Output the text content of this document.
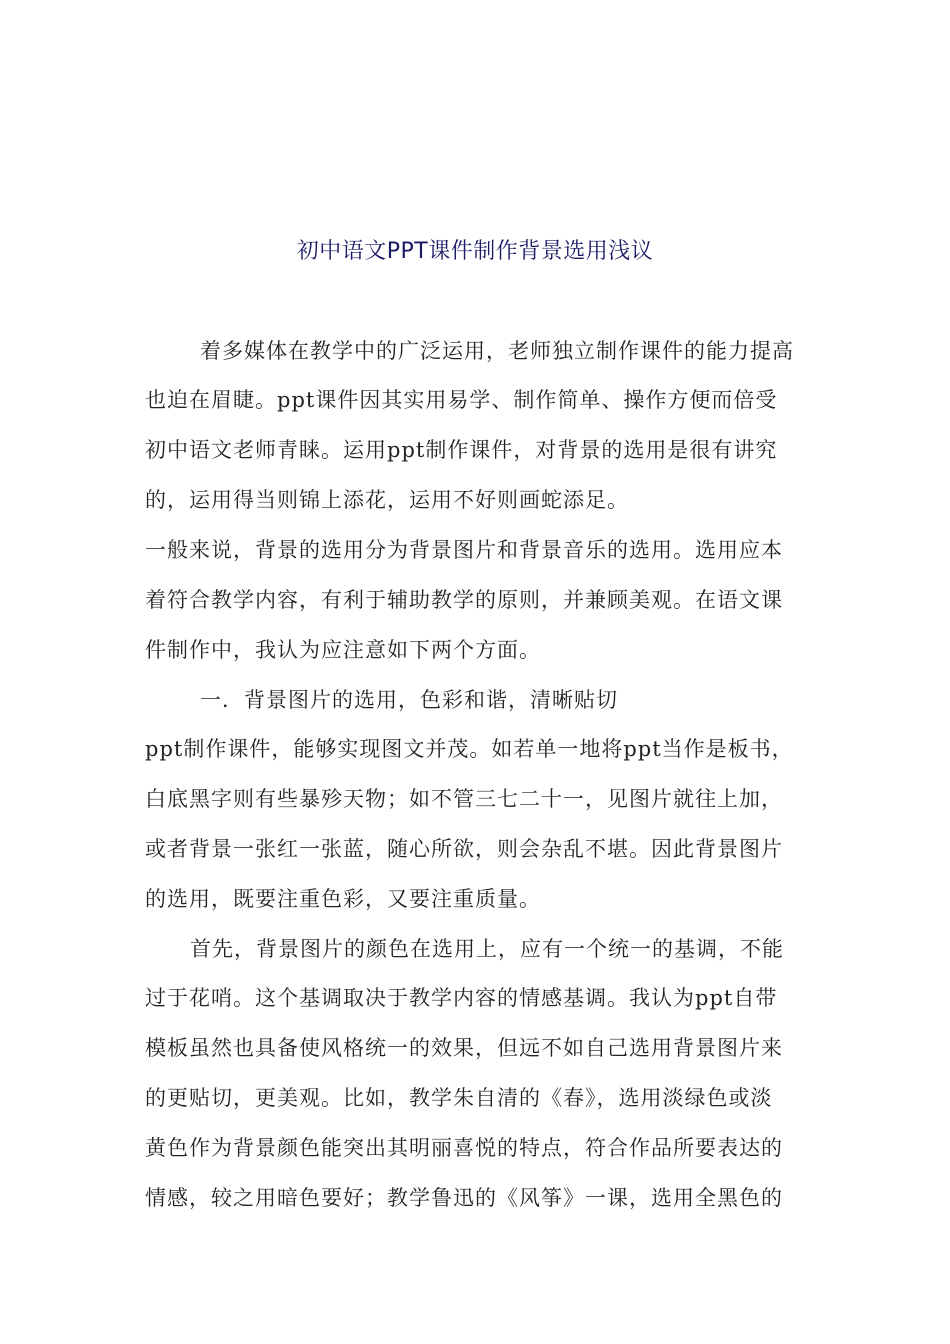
初中语文PPT课件制作背景选用浅议
着多媒体在教学中的广泛运用，老师独立制作课件的能力提高
也迫在眉睫。ppt课件因其实用易学、制作简单、操作方便而倍受
初中语文老师青睐。运用ppt制作课件，对背景的选用是很有讲究
的，运用得当则锦上添花，运用不好则画蛇添足。
一般来说，背景的选用分为背景图片和背景音乐的选用。选用应本
着符合教学内容，有利于辅助教学的原则，并兼顾美观。在语文课
件制作中，我认为应注意如下两个方面。
一．背景图片的选用，色彩和谐，清晰贴切
ppt制作课件，能够实现图文并茂。如若单一地将ppt当作是板书，
白底黑字则有些暴殄天物；如不管三七二十一，见图片就往上加，
或者背景一张红一张蓝，随心所欲，则会杂乱不堪。因此背景图片
的选用，既要注重色彩，又要注重质量。
首先，背景图片的颜色在选用上，应有一个统一的基调，不能
过于花哨。这个基调取决于教学内容的情感基调。我认为ppt自带
模板虽然也具备使风格统一的效果，但远不如自己选用背景图片来
的更贴切，更美观。比如，教学朱自清的《春》，选用淡绿色或淡
黄色作为背景颜色能突出其明丽喜悦的特点，符合作品所要表达的
情感，较之用暗色要好；教学鲁迅的《风筝》一课，选用全黑色的
